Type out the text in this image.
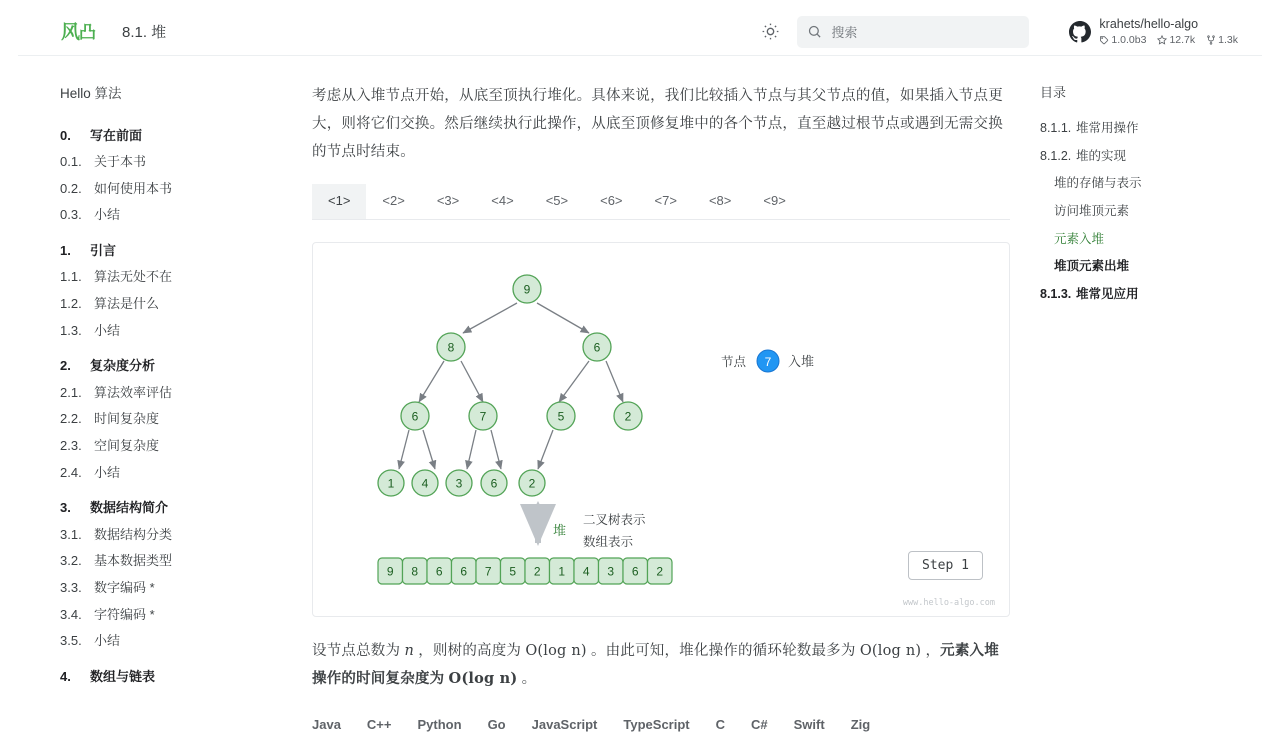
风 凸 8.1. 堆	搜索
krahets/hello-algo
1.0.0b3 12.7k 1.3k
Hello 算法
0. 写在前面
0.1. 关于本书
0.2. 如何使用本书
0.3. 小结
1. 引言
1.1. 算法无处不在
1.2. 算法是什么
1.3. 小结
2. 复杂度分析
2.1. 算法效率评估
2.2. 时间复杂度
2.3. 空间复杂度
2.4. 小结
3. 数据结构简介
3.1. 数据结构分类
3.2. 基本数据类型
3.3. 数字编码 *
3.4. 字符编码 *
3.5. 小结
4. 数组与链表

考虑从入堆节点开始，从底至顶执行堆化。具体来说，我们比较插入节点与其父节点的值，如果插入节点更大，则将它们交换。然后继续执行此操作，从底至顶修复堆中的各个节点，直至越过根节点或遇到无需交换的节点时结束。

<1>	<2>	<3>	<4>	<5>	<6>	<7>	<8>	<9>
9
8	6
6	7	5	2
1 4 3 6	2
节点 7 入堆
堆
二叉树表示
数组表示
9 8 6 6 7 5 2 1 4 3 6 2	Step 1
www.hello-algo.com

设节点总数为 n ，则树的高度为 O(log n) 。由此可知，堆化操作的循环轮数最多为 O(log n) ，元素入堆操作的时间复杂度为 O(log n) 。

Java C++ Python Go JavaScript TypeScript C C# Swift Zig
目录
8.1.1. 堆常用操作
8.1.2. 堆的实现
堆的存储与表示
访问堆顶元素
元素入堆
堆顶元素出堆
8.1.3. 堆常见应用
